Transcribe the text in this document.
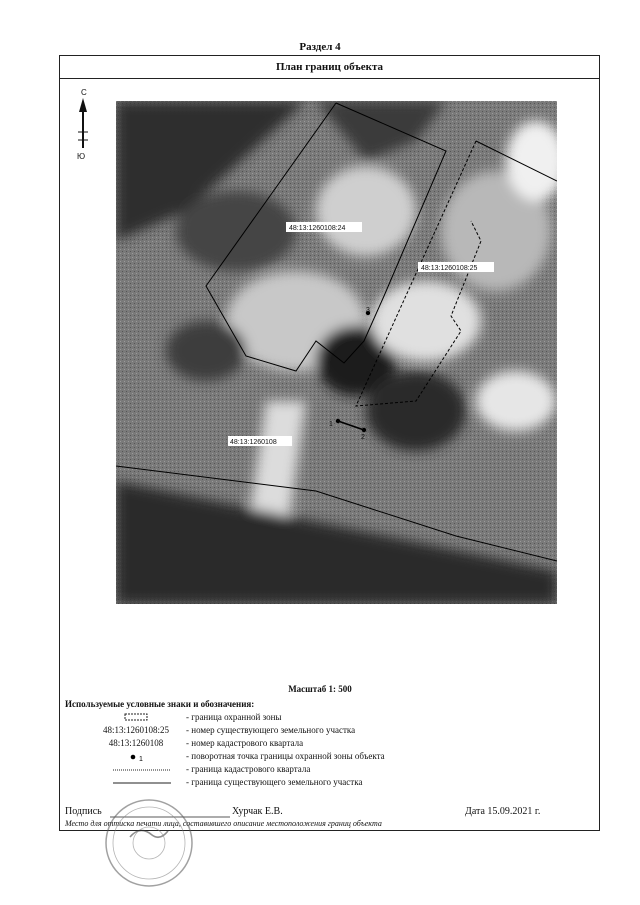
Раздел 4
План границ объекта
С
Ю
3
1
2
48:13:1260108:24
48:13:1260108:25
48:13:1260108
Масштаб 1: 500
Используемые условные знаки и обозначения:
- граница охранной зоны
48:13:1260108:25	- номер существующего земельного участка
48:13:1260108	- номер кадастрового квартала
1	- поворотная точка границы охранной зоны объекта
- граница кадастрового квартала
- граница существующего земельного участка
Подпись	Хурчак Е.В.	Дата 15.09.2021 г.
Место для оттиска печати лица, составившего описание местоположения границ объекта
